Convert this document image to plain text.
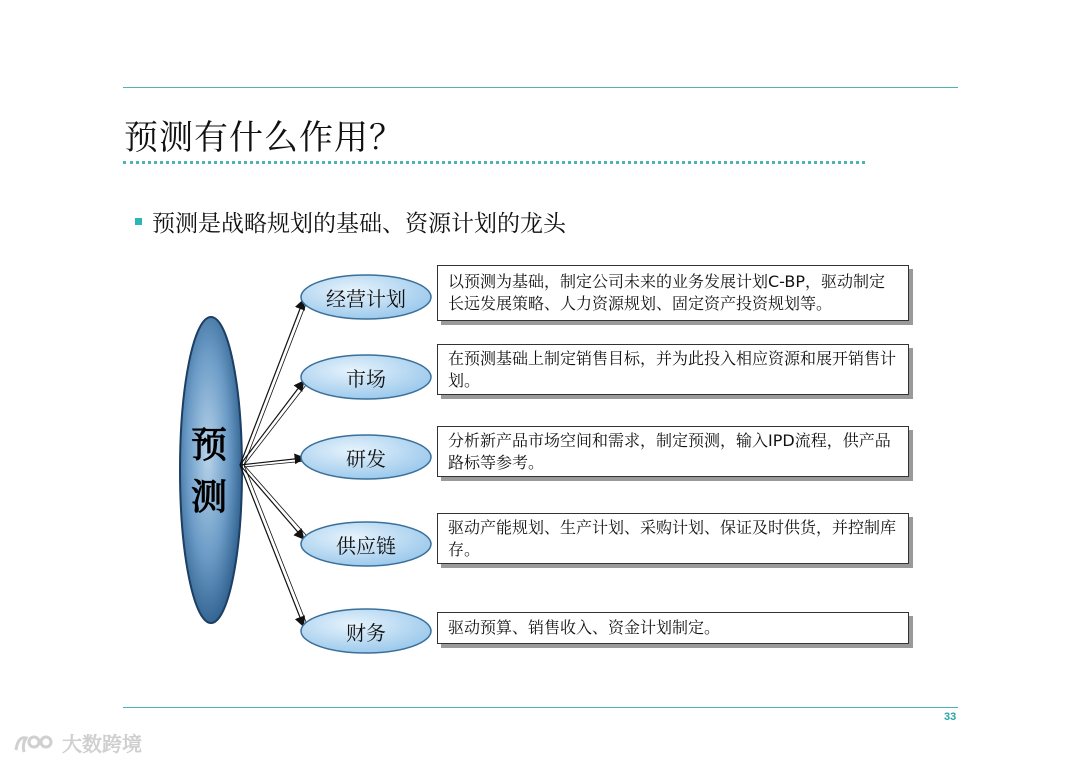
预测有什么作用？
预测是战略规划的基础、资源计划的龙头
预测
经营计划
市场
研发
供应链
财务
以预测为基础，制定公司未来的业务发展计划C-BP，驱动制定长远发展策略、人力资源规划、固定资产投资规划等。
在预测基础上制定销售目标，并为此投入相应资源和展开销售计划。
分析新产品市场空间和需求，制定预测，输入IPD流程，供产品路标等参考。
驱动产能规划、生产计划、采购计划、保证及时供货，并控制库存。
驱动预算、销售收入、资金计划制定。
33
大数跨境
